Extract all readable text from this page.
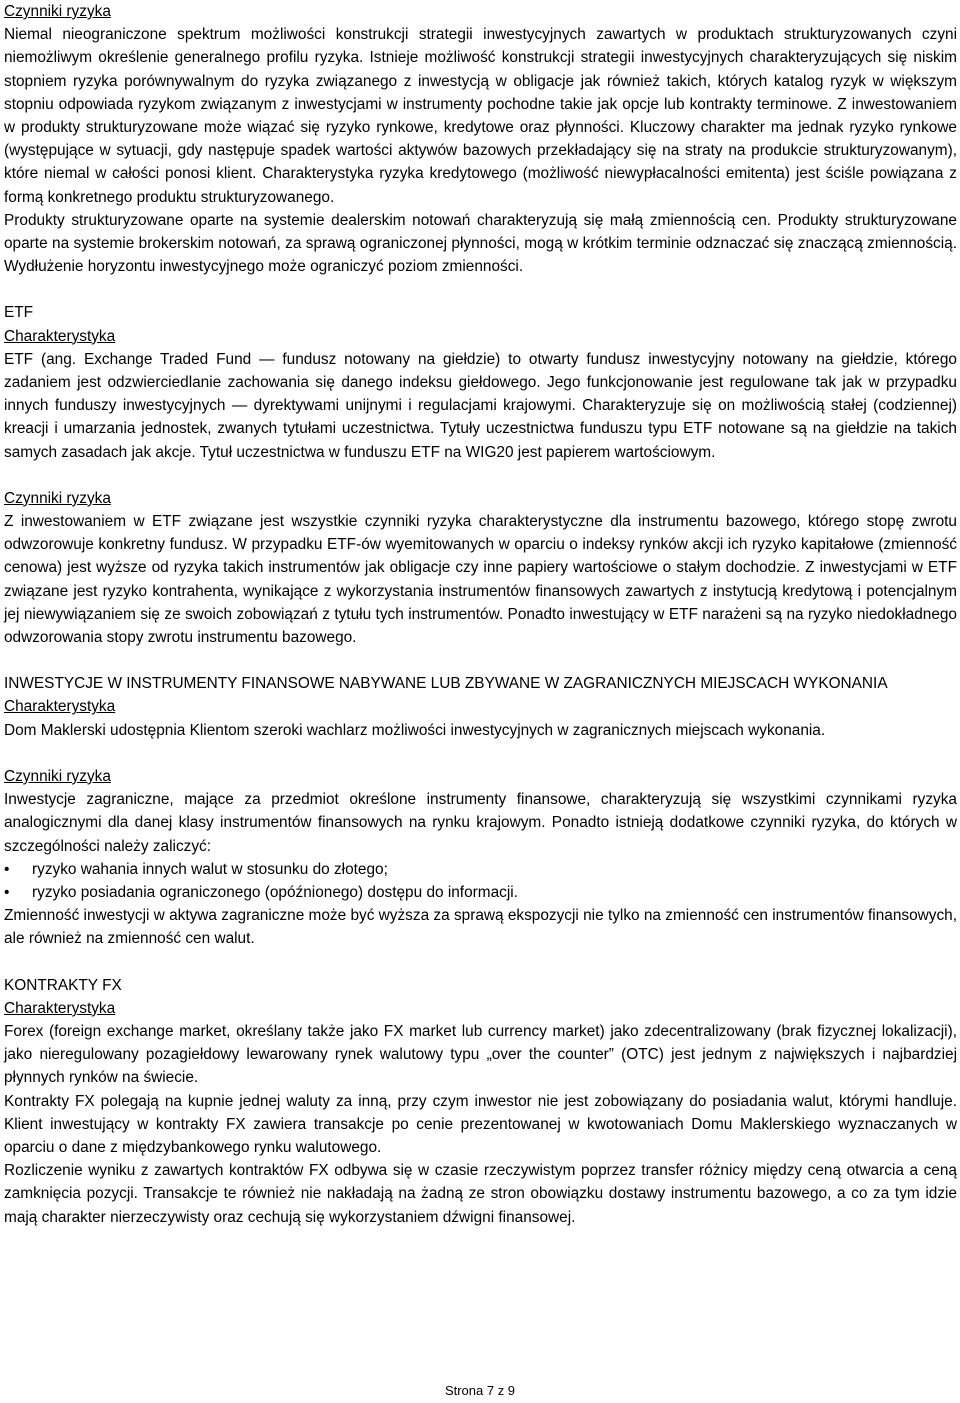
Czynniki ryzyka

Niemal nieograniczone spektrum możliwości konstrukcji strategii inwestycyjnych zawartych w produktach strukturyzowanych czyni niemożliwym określenie generalnego profilu ryzyka. Istnieje możliwość konstrukcji strategii inwestycyjnych charakteryzujących się niskim stopniem ryzyka porównywalnym do ryzyka związanego z inwestycją w obligacje jak również takich, których katalog ryzyk w większym stopniu odpowiada ryzykom związanym z inwestycjami w instrumenty pochodne takie jak opcje lub kontrakty terminowe. Z inwestowaniem w produkty strukturyzowane może wiązać się ryzyko rynkowe, kredytowe oraz płynności. Kluczowy charakter ma jednak ryzyko rynkowe (występujące w sytuacji, gdy następuje spadek wartości aktywów bazowych przekładający się na straty na produkcie strukturyzowanym), które niemal w całości ponosi klient. Charakterystyka ryzyka kredytowego (możliwość niewypłacalności emitenta) jest ściśle powiązana z formą konkretnego produktu strukturyzowanego.

Produkty strukturyzowane oparte na systemie dealerskim notowań charakteryzują się małą zmiennością cen. Produkty strukturyzowane oparte na systemie brokerskim notowań, za sprawą ograniczonej płynności, mogą w krótkim terminie odznaczać się znaczącą zmiennością. Wydłużenie horyzontu inwestycyjnego może ograniczyć poziom zmienności.

ETF

Charakterystyka

ETF (ang. Exchange Traded Fund — fundusz notowany na giełdzie) to otwarty fundusz inwestycyjny notowany na giełdzie, którego zadaniem jest odzwierciedlanie zachowania się danego indeksu giełdowego. Jego funkcjonowanie jest regulowane tak jak w przypadku innych funduszy inwestycyjnych — dyrektywami unijnymi i regulacjami krajowymi. Charakteryzuje się on możliwością stałej (codziennej) kreacji i umarzania jednostek, zwanych tytułami uczestnictwa. Tytuły uczestnictwa funduszu typu ETF notowane są na giełdzie na takich samych zasadach jak akcje. Tytuł uczestnictwa w funduszu ETF na WIG20 jest papierem wartościowym.

Czynniki ryzyka

Z inwestowaniem w ETF związane jest wszystkie czynniki ryzyka charakterystyczne dla instrumentu bazowego, którego stopę zwrotu odwzorowuje konkretny fundusz. W przypadku ETF-ów wyemitowanych w oparciu o indeksy rynków akcji ich ryzyko kapitałowe (zmienność cenowa) jest wyższe od ryzyka takich instrumentów jak obligacje czy inne papiery wartościowe o stałym dochodzie. Z inwestycjami w ETF związane jest ryzyko kontrahenta, wynikające z wykorzystania instrumentów finansowych zawartych z instytucją kredytową i potencjalnym jej niewywiązaniem się ze swoich zobowiązań z tytułu tych instrumentów. Ponadto inwestujący w ETF narażeni są na ryzyko niedokładnego odwzorowania stopy zwrotu instrumentu bazowego.

INWESTYCJE W INSTRUMENTY FINANSOWE NABYWANE LUB ZBYWANE W ZAGRANICZNYCH MIEJSCACH WYKONANIA

Charakterystyka

Dom Maklerski udostępnia Klientom szeroki wachlarz możliwości inwestycyjnych w zagranicznych miejscach wykonania.

Czynniki ryzyka

Inwestycje zagraniczne, mające za przedmiot określone instrumenty finansowe, charakteryzują się wszystkimi czynnikami ryzyka analogicznymi dla danej klasy instrumentów finansowych na rynku krajowym. Ponadto istnieją dodatkowe czynniki ryzyka, do których w szczególności należy zaliczyć:

• ryzyko wahania innych walut w stosunku do złotego;
• ryzyko posiadania ograniczonego (opóźnionego) dostępu do informacji.

Zmienność inwestycji w aktywa zagraniczne może być wyższa za sprawą ekspozycji nie tylko na zmienność cen instrumentów finansowych, ale również na zmienność cen walut.

KONTRAKTY FX

Charakterystyka

Forex (foreign exchange market, określany także jako FX market lub currency market) jako zdecentralizowany (brak fizycznej lokalizacji), jako nieregulowany pozagiełdowy lewarowany rynek walutowy typu „over the counter” (OTC) jest jednym z największych i najbardziej płynnych rynków na świecie.

Kontrakty FX polegają na kupnie jednej waluty za inną, przy czym inwestor nie jest zobowiązany do posiadania walut, którymi handluje. Klient inwestujący w kontrakty FX zawiera transakcje po cenie prezentowanej w kwotowaniach Domu Maklerskiego wyznaczanych w oparciu o dane z międzybankowego rynku walutowego.

Rozliczenie wyniku z zawartych kontraktów FX odbywa się w czasie rzeczywistym poprzez transfer różnicy między ceną otwarcia a ceną zamknięcia pozycji. Transakcje te również nie nakładają na żadną ze stron obowiązku dostawy instrumentu bazowego, a co za tym idzie mają charakter nierzeczywisty oraz cechują się wykorzystaniem dźwigni finansowej.

Strona 7 z 9
